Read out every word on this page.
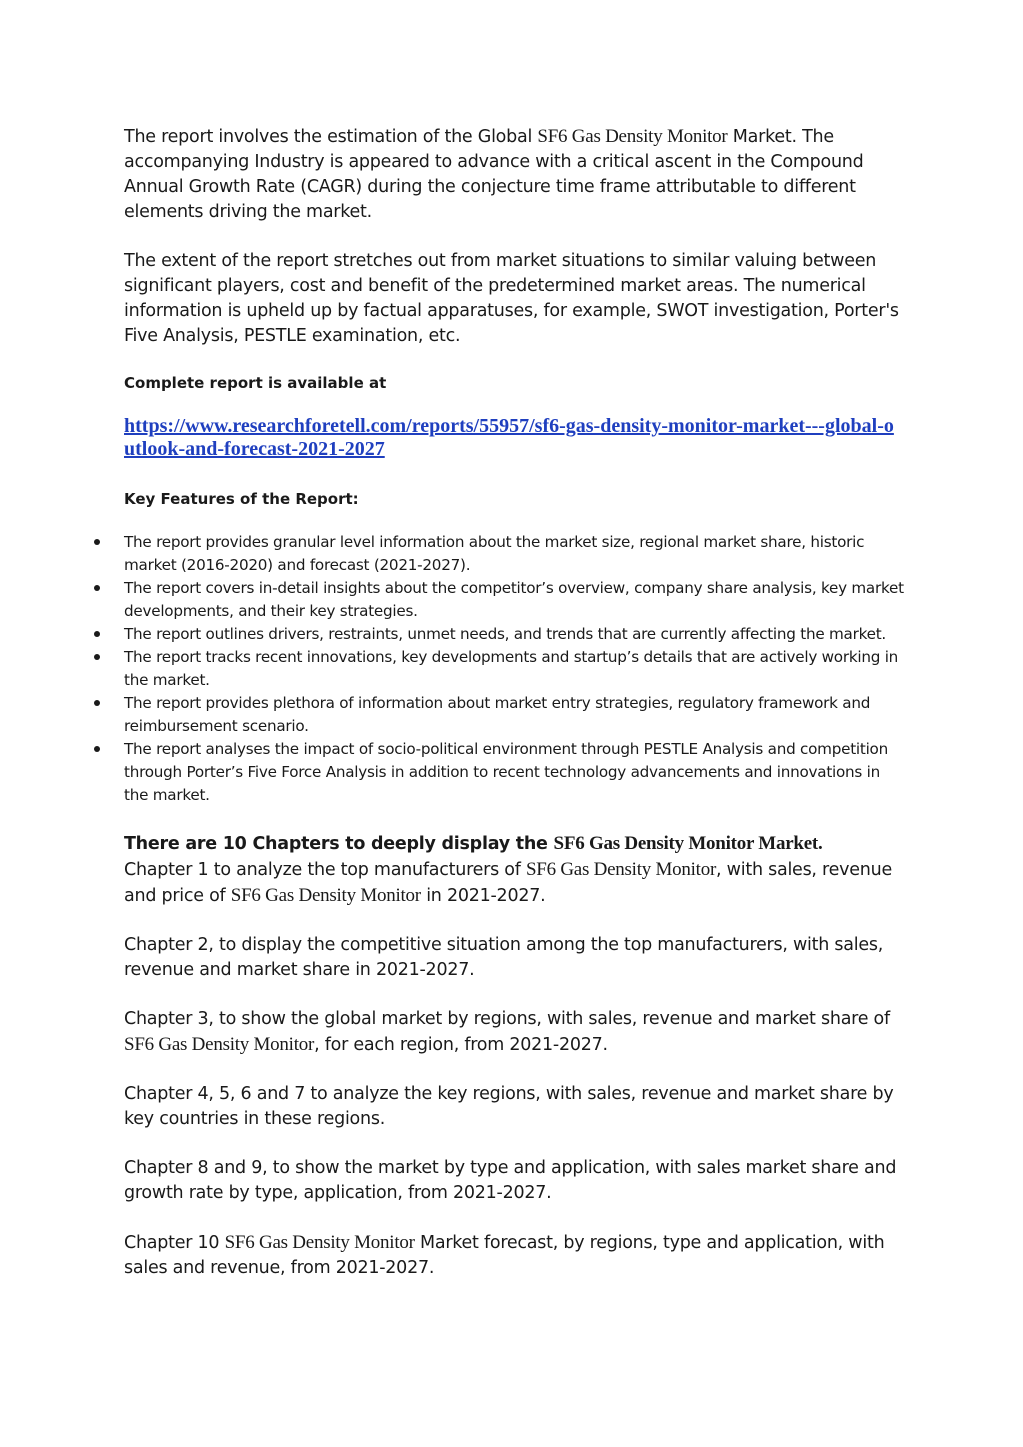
The report involves the estimation of the Global SF6 Gas Density Monitor Market. The accompanying Industry is appeared to advance with a critical ascent in the Compound Annual Growth Rate (CAGR) during the conjecture time frame attributable to different elements driving the market.

The extent of the report stretches out from market situations to similar valuing between significant players, cost and benefit of the predetermined market areas. The numerical information is upheld up by factual apparatuses, for example, SWOT investigation, Porter's Five Analysis, PESTLE examination, etc.

Complete report is available at

https://www.researchforetell.com/reports/55957/sf6-gas-density-monitor-market---global-outlook-and-forecast-2021-2027

Key Features of the Report:

The report provides granular level information about the market size, regional market share, historic market (2016-2020) and forecast (2021-2027).
The report covers in-detail insights about the competitor’s overview, company share analysis, key market developments, and their key strategies.
The report outlines drivers, restraints, unmet needs, and trends that are currently affecting the market.
The report tracks recent innovations, key developments and startup’s details that are actively working in the market.
The report provides plethora of information about market entry strategies, regulatory framework and reimbursement scenario.
The report analyses the impact of socio-political environment through PESTLE Analysis and competition through Porter’s Five Force Analysis in addition to recent technology advancements and innovations in the market.

There are 10 Chapters to deeply display the SF6 Gas Density Monitor Market.

Chapter 1 to analyze the top manufacturers of SF6 Gas Density Monitor, with sales, revenue and price of SF6 Gas Density Monitor in 2021-2027.

Chapter 2, to display the competitive situation among the top manufacturers, with sales, revenue and market share in 2021-2027.

Chapter 3, to show the global market by regions, with sales, revenue and market share of SF6 Gas Density Monitor, for each region, from 2021-2027.

Chapter 4, 5, 6 and 7 to analyze the key regions, with sales, revenue and market share by key countries in these regions.

Chapter 8 and 9, to show the market by type and application, with sales market share and growth rate by type, application, from 2021-2027.

Chapter 10 SF6 Gas Density Monitor Market forecast, by regions, type and application, with sales and revenue, from 2021-2027.
